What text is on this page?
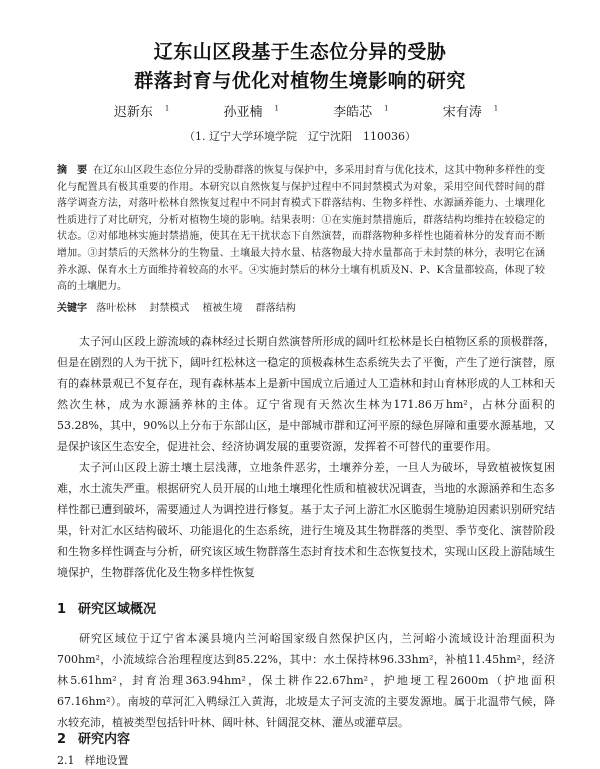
辽东山区段基于生态位分异的受胁
群落封育与优化对植物生境影响的研究
迟新东 $^1$	孙亚楠 $^1$	李皓芯 $^1$	宋有涛 $^1$
（1. 辽宁大学环境学院　辽宁沈阳　110036）
摘　要 在辽东山区段生态位分异的受胁群落的恢复与保护中，多采用封育与优化技术，这其中物种多样性的变化与配置具有极其重要的作用。本研究以自然恢复与保护过程中不同封禁模式为对象，采用空间代替时间的群落学调查方法，对落叶松林自然恢复过程中不同封育模式下群落结构、生物多样性、水源涵养能力、土壤理化性质进行了对比研究，分析对植物生境的影响。结果表明：①在实施封禁措施后，群落结构均维持在较稳定的状态。②对郁地林实施封禁措施，使其在无干扰状态下自然演替，而群落物种多样性也随着林分的发育而不断增加。③封禁后的天然林分的生物量、土壤最大持水量、枯落物最大持水量都高于未封禁的林分，表明它在涵养水源、保育水土方面维持着较高的水平。④实施封禁后的林分土壤有机质及N、P、K含量都较高，体现了较高的土壤肥力。
关键字 落叶松林 封禁模式 植被生境 群落结构
太子河山区段上游流域的森林经过长期自然演替所形成的阔叶红松林是长白植物区系的顶极群落，但是在剧烈的人为干扰下，阔叶红松林这一稳定的顶极森林生态系统失去了平衡，产生了逆行演替，原有的森林景观已不复存在，现有森林基本上是新中国成立后通过人工造林和封山育林形成的人工林和天然次生林，成为水源涵养林的主体。辽宁省现有天然次生林为171.86万hm²，占林分面积的53.28%，其中，90%以上分布于东部山区，是中部城市群和辽河平原的绿色屏障和重要水源基地，又是保护该区生态安全，促进社会、经济协调发展的重要资源，发挥着不可替代的重要作用。
太子河山区段上游土壤土层浅薄，立地条件恶劣，土壤养分差，一旦人为破坏，导致植被恢复困难，水土流失严重。根据研究人员开展的山地土壤理化性质和植被状况调查，当地的水源涵养和生态多样性都已遭到破坏，需要通过人为调控进行修复。基于太子河上游汇水区脆弱生境胁迫因素识别研究结果，针对汇水区结构破坏、功能退化的生态系统，进行生境及其生物群落的类型、季节变化、演替阶段和生物多样性调查与分析，研究该区域生物群落生态封育技术和生态恢复技术，实现山区段上游陆域生境保护，生物群落优化及生物多样性恢复
1 研究区域概况
研究区域位于辽宁省本溪县境内兰河峪国家级自然保护区内，兰河峪小流域设计治理面积为700hm²，小流域综合治理程度达到85.22%，其中：水土保持林96.33hm²，补植11.45hm²，经济林5.61hm²，封育治理363.94hm²，保土耕作22.67hm²，护地埂工程2600m（护地面积67.16hm²）。南坡的草河汇入鸭绿江入黄海，北坡是太子河支流的主要发源地。属于北温带气候，降水较充沛，植被类型包括针叶林、阔叶林、针阔混交林、灌丛或灌草层。
2 研究内容
2.1 样地设置
